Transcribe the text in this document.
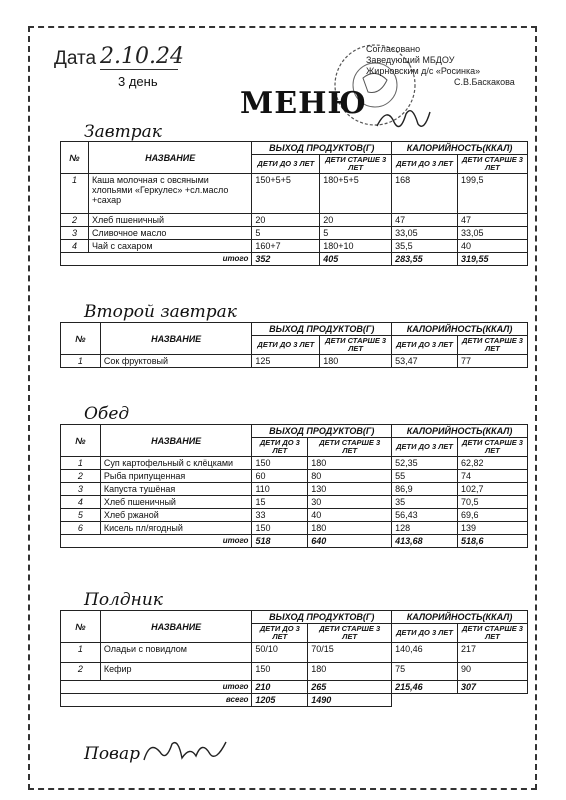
Дата 2.10.24
3 день
Согласовано
Заведующий МБДОУ
Жирновским д/с «Росинка»
С.В.Баскакова
МЕНЮ
Завтрак
№	НАЗВАНИЕ	ВЫХОД ПРОДУКТОВ(Г)		КАЛОРИЙНОСТЬ(ККАЛ)	
		ДЕТИ ДО 3 ЛЕТ	ДЕТИ СТАРШЕ 3 ЛЕТ	ДЕТИ ДО 3 ЛЕТ	ДЕТИ СТАРШЕ 3 ЛЕТ
1	Каша молочная с овсяными хлопьями «Геркулес» +сл.масло +сахар	150+5+5	180+5+5	168	199,5
2	Хлеб пшеничный	20	20	47	47
3	Сливочное масло	5	5	33,05	33,05
4	Чай с сахаром	160+7	180+10	35,5	40
итого		352	405	283,55	319,55
Второй завтрак
№	НАЗВАНИЕ	ВЫХОД ПРОДУКТОВ(Г)		КАЛОРИЙНОСТЬ(ККАЛ)	
		ДЕТИ ДО 3 ЛЕТ	ДЕТИ СТАРШЕ 3 ЛЕТ	ДЕТИ ДО 3 ЛЕТ	ДЕТИ СТАРШЕ 3 ЛЕТ
1	Сок фруктовый	125	180	53,47	77
Обед
№	НАЗВАНИЕ	ВЫХОД ПРОДУКТОВ(Г)		КАЛОРИЙНОСТЬ(ККАЛ)	
		ДЕТИ ДО 3 ЛЕТ	ДЕТИ СТАРШЕ 3 ЛЕТ	ДЕТИ ДО 3 ЛЕТ	ДЕТИ СТАРШЕ 3 ЛЕТ
1	Суп картофельный с клёцками	150	180	52,35	62,82
2	Рыба припущенная	60	80	55	74
3	Капуста тушёная	110	130	86,9	102,7
4	Хлеб пшеничный	15	30	35	70,5
5	Хлеб ржаной	33	40	56,43	69,6
6	Кисель пл/ягодный	150	180	128	139
итого		518	640	413,68	518,6
Полдник
№	НАЗВАНИЕ	ВЫХОД ПРОДУКТОВ(Г)		КАЛОРИЙНОСТЬ(ККАЛ)	
		ДЕТИ ДО 3 ЛЕТ	ДЕТИ СТАРШЕ 3 ЛЕТ	ДЕТИ ДО 3 ЛЕТ	ДЕТИ СТАРШЕ 3 ЛЕТ
1	Оладьи с повидлом	50/10	70/15	140,46	217
2	Кефир	150	180	75	90
итого		210	265	215,46	307
всего		1205	1490		
Повар
